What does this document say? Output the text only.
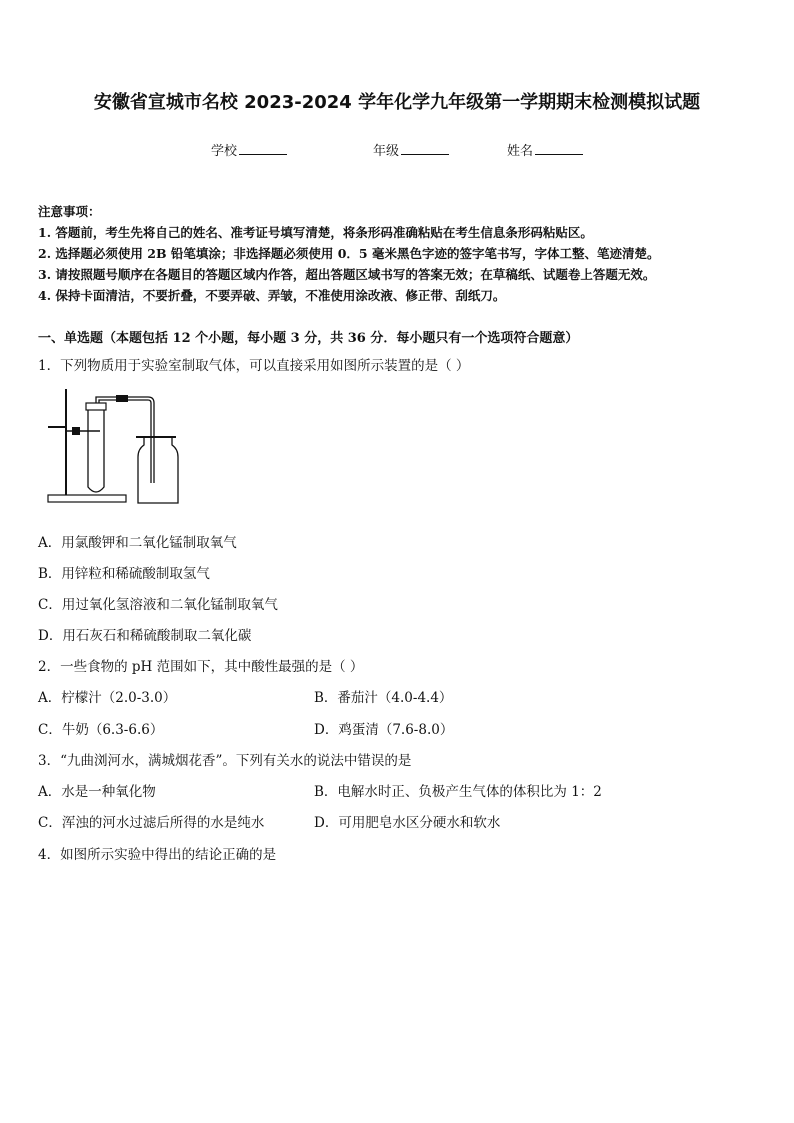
安徽省宣城市名校 2023-2024 学年化学九年级第一学期期末检测模拟试题
学校	年级	姓名
注意事项：
1. 答题前，考生先将自己的姓名、准考证号填写清楚，将条形码准确粘贴在考生信息条形码粘贴区。
2. 选择题必须使用 2B 铅笔填涂；非选择题必须使用 0．5 毫米黑色字迹的签字笔书写，字体工整、笔迹清楚。
3. 请按照题号顺序在各题目的答题区域内作答，超出答题区域书写的答案无效；在草稿纸、试题卷上答题无效。
4. 保持卡面清洁，不要折叠，不要弄破、弄皱，不准使用涂改液、修正带、刮纸刀。
一、单选题（本题包括 12 个小题，每小题 3 分，共 36 分．每小题只有一个选项符合题意）
1．下列物质用于实验室制取气体，可以直接采用如图所示装置的是（ ）
A．用氯酸钾和二氧化锰制取氧气
B．用锌粒和稀硫酸制取氢气
C．用过氧化氢溶液和二氧化锰制取氧气
D．用石灰石和稀硫酸制取二氧化碳
2．一些食物的 pH 范围如下，其中酸性最强的是（ ）
A．柠檬汁（2.0-3.0）	B．番茄汁（4.0-4.4）
C．牛奶（6.3-6.6）	D．鸡蛋清（7.6-8.0）
3．“九曲浏河水，满城烟花香”。下列有关水的说法中错误的是
A．水是一种氧化物	B．电解水时正、负极产生气体的体积比为 1：2
C．浑浊的河水过滤后所得的水是纯水	D．可用肥皂水区分硬水和软水
4．如图所示实验中得出的结论正确的是
